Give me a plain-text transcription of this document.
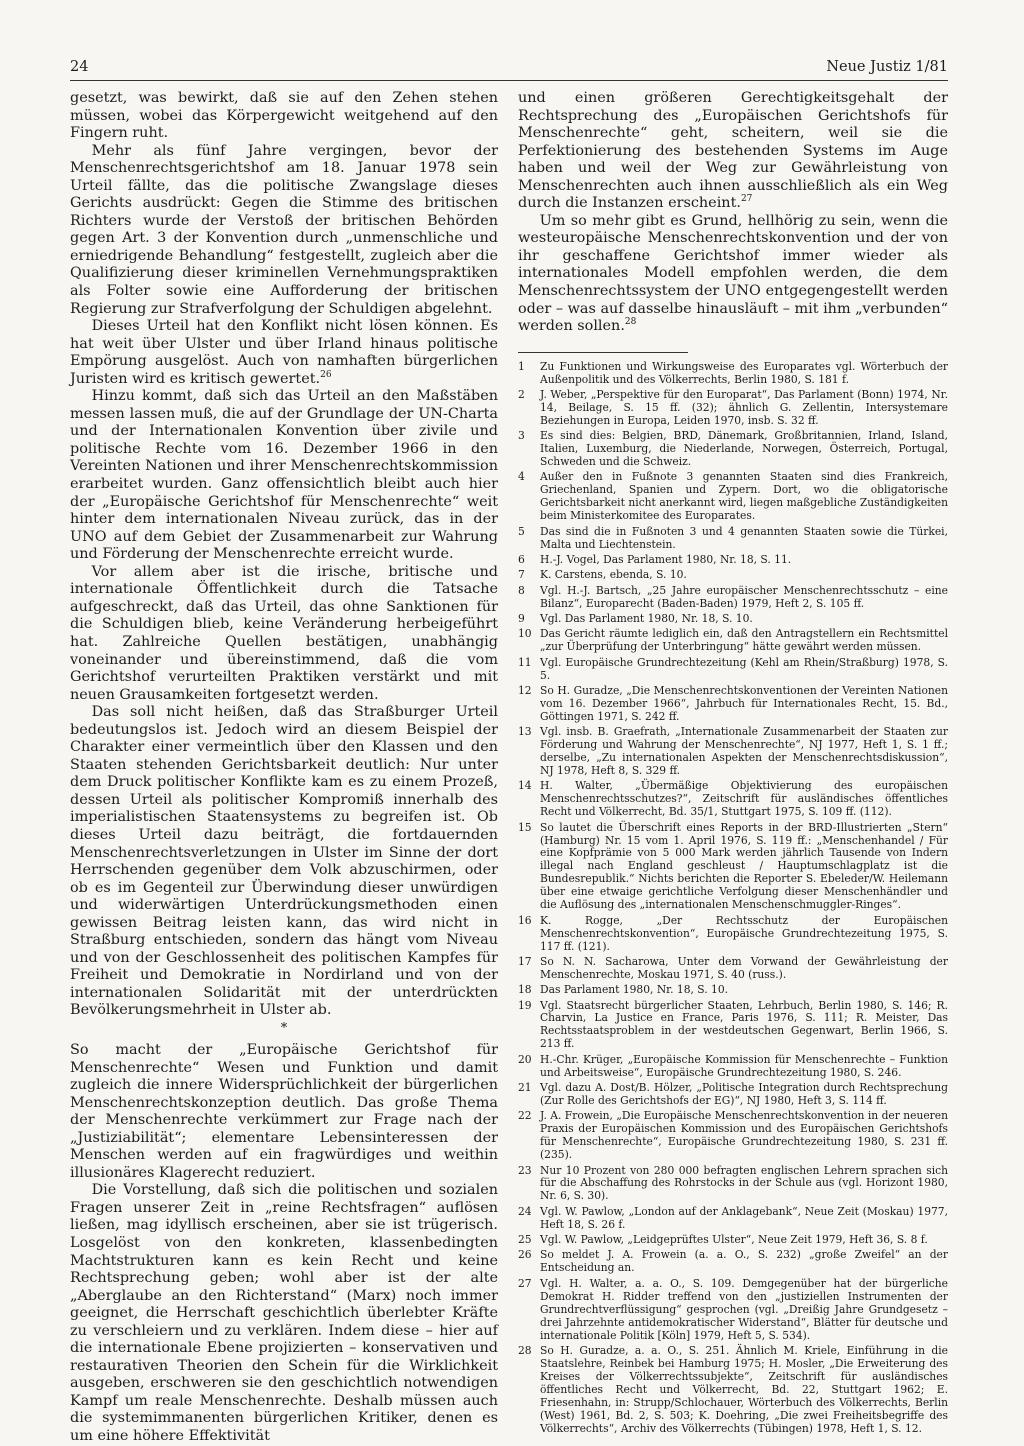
24	Neue Justiz 1/81

gesetzt, was bewirkt, daß sie auf den Zehen stehen müssen, wobei das Körpergewicht weitgehend auf den Fingern ruht.

Mehr als fünf Jahre vergingen, bevor der Menschenrechtsgerichtshof am 18. Januar 1978 sein Urteil fällte, das die politische Zwangslage dieses Gerichts ausdrückt: Gegen die Stimme des britischen Richters wurde der Verstoß der britischen Behörden gegen Art. 3 der Konvention durch „unmenschliche und erniedrigende Behandlung“ festgestellt, zugleich aber die Qualifizierung dieser kriminellen Vernehmungspraktiken als Folter sowie eine Aufforderung der britischen Regierung zur Strafverfolgung der Schuldigen abgelehnt.

Dieses Urteil hat den Konflikt nicht lösen können. Es hat weit über Ulster und über Irland hinaus politische Empörung ausgelöst. Auch von namhaften bürgerlichen Juristen wird es kritisch gewertet.$^{26}$

Hinzu kommt, daß sich das Urteil an den Maßstäben messen lassen muß, die auf der Grundlage der UN-Charta und der Internationalen Konvention über zivile und politische Rechte vom 16. Dezember 1966 in den Vereinten Nationen und ihrer Menschenrechtskommission erarbeitet wurden. Ganz offensichtlich bleibt auch hier der „Europäische Gerichtshof für Menschenrechte“ weit hinter dem internationalen Niveau zurück, das in der UNO auf dem Gebiet der Zusammenarbeit zur Wahrung und Förderung der Menschenrechte erreicht wurde.

Vor allem aber ist die irische, britische und internationale Öffentlichkeit durch die Tatsache aufgeschreckt, daß das Urteil, das ohne Sanktionen für die Schuldigen blieb, keine Veränderung herbeigeführt hat. Zahlreiche Quellen bestätigen, unabhängig voneinander und übereinstimmend, daß die vom Gerichtshof verurteilten Praktiken verstärkt und mit neuen Grausamkeiten fortgesetzt werden.

Das soll nicht heißen, daß das Straßburger Urteil bedeutungslos ist. Jedoch wird an diesem Beispiel der Charakter einer vermeintlich über den Klassen und den Staaten stehenden Gerichtsbarkeit deutlich: Nur unter dem Druck politischer Konflikte kam es zu einem Prozeß, dessen Urteil als politischer Kompromiß innerhalb des imperialistischen Staatensystems zu begreifen ist. Ob dieses Urteil dazu beiträgt, die fortdauernden Menschenrechtsverletzungen in Ulster im Sinne der dort Herrschenden gegenüber dem Volk abzuschirmen, oder ob es im Gegenteil zur Überwindung dieser unwürdigen und widerwärtigen Unterdrückungsmethoden einen gewissen Beitrag leisten kann, das wird nicht in Straßburg entschieden, sondern das hängt vom Niveau und von der Geschlossenheit des politischen Kampfes für Freiheit und Demokratie in Nordirland und von der internationalen Solidarität mit der unterdrückten Bevölkerungsmehrheit in Ulster ab.

*

So macht der „Europäische Gerichtshof für Menschenrechte“ Wesen und Funktion und damit zugleich die innere Widersprüchlichkeit der bürgerlichen Menschenrechtskonzeption deutlich. Das große Thema der Menschenrechte verkümmert zur Frage nach der „Justiziabilität“; elementare Lebensinteressen der Menschen werden auf ein fragwürdiges und weithin illusionäres Klagerecht reduziert.

Die Vorstellung, daß sich die politischen und sozialen Fragen unserer Zeit in „reine Rechtsfragen“ auflösen ließen, mag idyllisch erscheinen, aber sie ist trügerisch. Losgelöst von den konkreten, klassenbedingten Machtstrukturen kann es kein Recht und keine Rechtsprechung geben; wohl aber ist der alte „Aberglaube an den Richterstand“ (Marx) noch immer geeignet, die Herrschaft geschichtlich überlebter Kräfte zu verschleiern und zu verklären. Indem diese – hier auf die internationale Ebene projizierten – konservativen und restaurativen Theorien den Schein für die Wirklichkeit ausgeben, erschweren sie den geschichtlich notwendigen Kampf um reale Menschenrechte. Deshalb müssen auch die systemimmanenten bürgerlichen Kritiker, denen es um eine höhere Effektivität

und einen größeren Gerechtigkeitsgehalt der Rechtsprechung des „Europäischen Gerichtshofs für Menschenrechte“ geht, scheitern, weil sie die Perfektionierung des bestehenden Systems im Auge haben und weil der Weg zur Gewährleistung von Menschenrechten auch ihnen ausschließlich als ein Weg durch die Instanzen erscheint.$^{27}$

Um so mehr gibt es Grund, hellhörig zu sein, wenn die westeuropäische Menschenrechtskonvention und der von ihr geschaffene Gerichtshof immer wieder als internationales Modell empfohlen werden, die dem Menschenrechtssystem der UNO entgegengestellt werden oder – was auf dasselbe hinausläuft – mit ihm „verbunden“ werden sollen.$^{28}$

1	Zu Funktionen und Wirkungsweise des Europarates vgl. Wörterbuch der Außenpolitik und des Völkerrechts, Berlin 1980, S. 181 f.
2	J. Weber, „Perspektive für den Europarat“, Das Parlament (Bonn) 1974, Nr. 14, Beilage, S. 15 ff. (32); ähnlich G. Zellentin, Intersystemare Beziehungen in Europa, Leiden 1970, insb. S. 32 ff.
3	Es sind dies: Belgien, BRD, Dänemark, Großbritannien, Irland, Island, Italien, Luxemburg, die Niederlande, Norwegen, Österreich, Portugal, Schweden und die Schweiz.
4	Außer den in Fußnote 3 genannten Staaten sind dies Frankreich, Griechenland, Spanien und Zypern. Dort, wo die obligatorische Gerichtsbarkeit nicht anerkannt wird, liegen maßgebliche Zuständigkeiten beim Ministerkomitee des Europarates.
5	Das sind die in Fußnoten 3 und 4 genannten Staaten sowie die Türkei, Malta und Liechtenstein.
6	H.-J. Vogel, Das Parlament 1980, Nr. 18, S. 11.
7	K. Carstens, ebenda, S. 10.
8	Vgl. H.-J. Bartsch, „25 Jahre europäischer Menschenrechtsschutz – eine Bilanz“, Europarecht (Baden-Baden) 1979, Heft 2, S. 105 ff.
9	Vgl. Das Parlament 1980, Nr. 18, S. 10.
10 Das Gericht räumte lediglich ein, daß den Antragstellern ein Rechtsmittel „zur Überprüfung der Unterbringung“ hätte gewährt werden müssen.
11 Vgl. Europäische Grundrechtezeitung (Kehl am Rhein/Straßburg) 1978, S. 5.
12 So H. Guradze, „Die Menschenrechtskonventionen der Vereinten Nationen vom 16. Dezember 1966“, Jahrbuch für Internationales Recht, 15. Bd., Göttingen 1971, S. 242 ff.
13 Vgl. insb. B. Graefrath, „Internationale Zusammenarbeit der Staaten zur Förderung und Wahrung der Menschenrechte“, NJ 1977, Heft 1, S. 1 ff.; derselbe, „Zu internationalen Aspekten der Menschenrechtsdiskussion“, NJ 1978, Heft 8, S. 329 ff.
14 H. Walter, „Übermäßige Objektivierung des europäischen Menschenrechtsschutzes?“, Zeitschrift für ausländisches öffentliches Recht und Völkerrecht, Bd. 35/1, Stuttgart 1975, S. 109 ff. (112).
15 So lautet die Überschrift eines Reports in der BRD-Illustrierten „Stern“ (Hamburg) Nr. 15 vom 1. April 1976, S. 119 ff.: „Menschenhandel / Für eine Kopfprämie von 5 000 Mark werden jährlich Tausende von Indern illegal nach England geschleust / Hauptumschlagplatz ist die Bundesrepublik.“ Nichts berichten die Reporter S. Ebeleder/W. Heilemann über eine etwaige gerichtliche Verfolgung dieser Menschenhändler und die Auflösung des „internationalen Menschenschmuggler-Ringes“.
16 K. Rogge, „Der Rechtsschutz der Europäischen Menschenrechtskonvention“, Europäische Grundrechtezeitung 1975, S. 117 ff. (121).
17 So N. N. Sacharowa, Unter dem Vorwand der Gewährleistung der Menschenrechte, Moskau 1971, S. 40 (russ.).
18 Das Parlament 1980, Nr. 18, S. 10.
19 Vgl. Staatsrecht bürgerlicher Staaten, Lehrbuch, Berlin 1980, S. 146; R. Charvin, La Justice en France, Paris 1976, S. 111; R. Meister, Das Rechtsstaatsproblem in der westdeutschen Gegenwart, Berlin 1966, S. 213 ff.
20 H.-Chr. Krüger, „Europäische Kommission für Menschenrechte – Funktion und Arbeitsweise“, Europäische Grundrechtezeitung 1980, S. 246.
21 Vgl. dazu A. Dost/B. Hölzer, „Politische Integration durch Rechtsprechung (Zur Rolle des Gerichtshofs der EG)“, NJ 1980, Heft 3, S. 114 ff.
22 J. A. Frowein, „Die Europäische Menschenrechtskonvention in der neueren Praxis der Europäischen Kommission und des Europäischen Gerichtshofs für Menschenrechte“, Europäische Grundrechtezeitung 1980, S. 231 ff. (235).
23 Nur 10 Prozent von 280 000 befragten englischen Lehrern sprachen sich für die Abschaffung des Rohrstocks in der Schule aus (vgl. Horizont 1980, Nr. 6, S. 30).
24 Vgl. W. Pawlow, „London auf der Anklagebank“, Neue Zeit (Moskau) 1977, Heft 18, S. 26 f.
25 Vgl. W. Pawlow, „Leidgeprüftes Ulster“, Neue Zeit 1979, Heft 36, S. 8 f.
26 So meldet J. A. Frowein (a. a. O., S. 232) „große Zweifel“ an der Entscheidung an.
27 Vgl. H. Walter, a. a. O., S. 109. Demgegenüber hat der bürgerliche Demokrat H. Ridder treffend von den „justiziellen Instrumenten der Grundrechtverflüssigung“ gesprochen (vgl. „Dreißig Jahre Grundgesetz – drei Jahrzehnte antidemokratischer Widerstand“, Blätter für deutsche und internationale Politik [Köln] 1979, Heft 5, S. 534).
28 So H. Guradze, a. a. O., S. 251. Ähnlich M. Kriele, Einführung in die Staatslehre, Reinbek bei Hamburg 1975; H. Mosler, „Die Erweiterung des Kreises der Völkerrechtssubjekte“, Zeitschrift für ausländisches öffentliches Recht und Völkerrecht, Bd. 22, Stuttgart 1962; E. Friesenhahn, in: Strupp/Schlochauer, Wörterbuch des Völkerrechts, Berlin (West) 1961, Bd. 2, S. 503; K. Doehring, „Die zwei Freiheitsbegriffe des Völkerrechts“, Archiv des Völkerrechts (Tübingen) 1978, Heft 1, S. 12.
